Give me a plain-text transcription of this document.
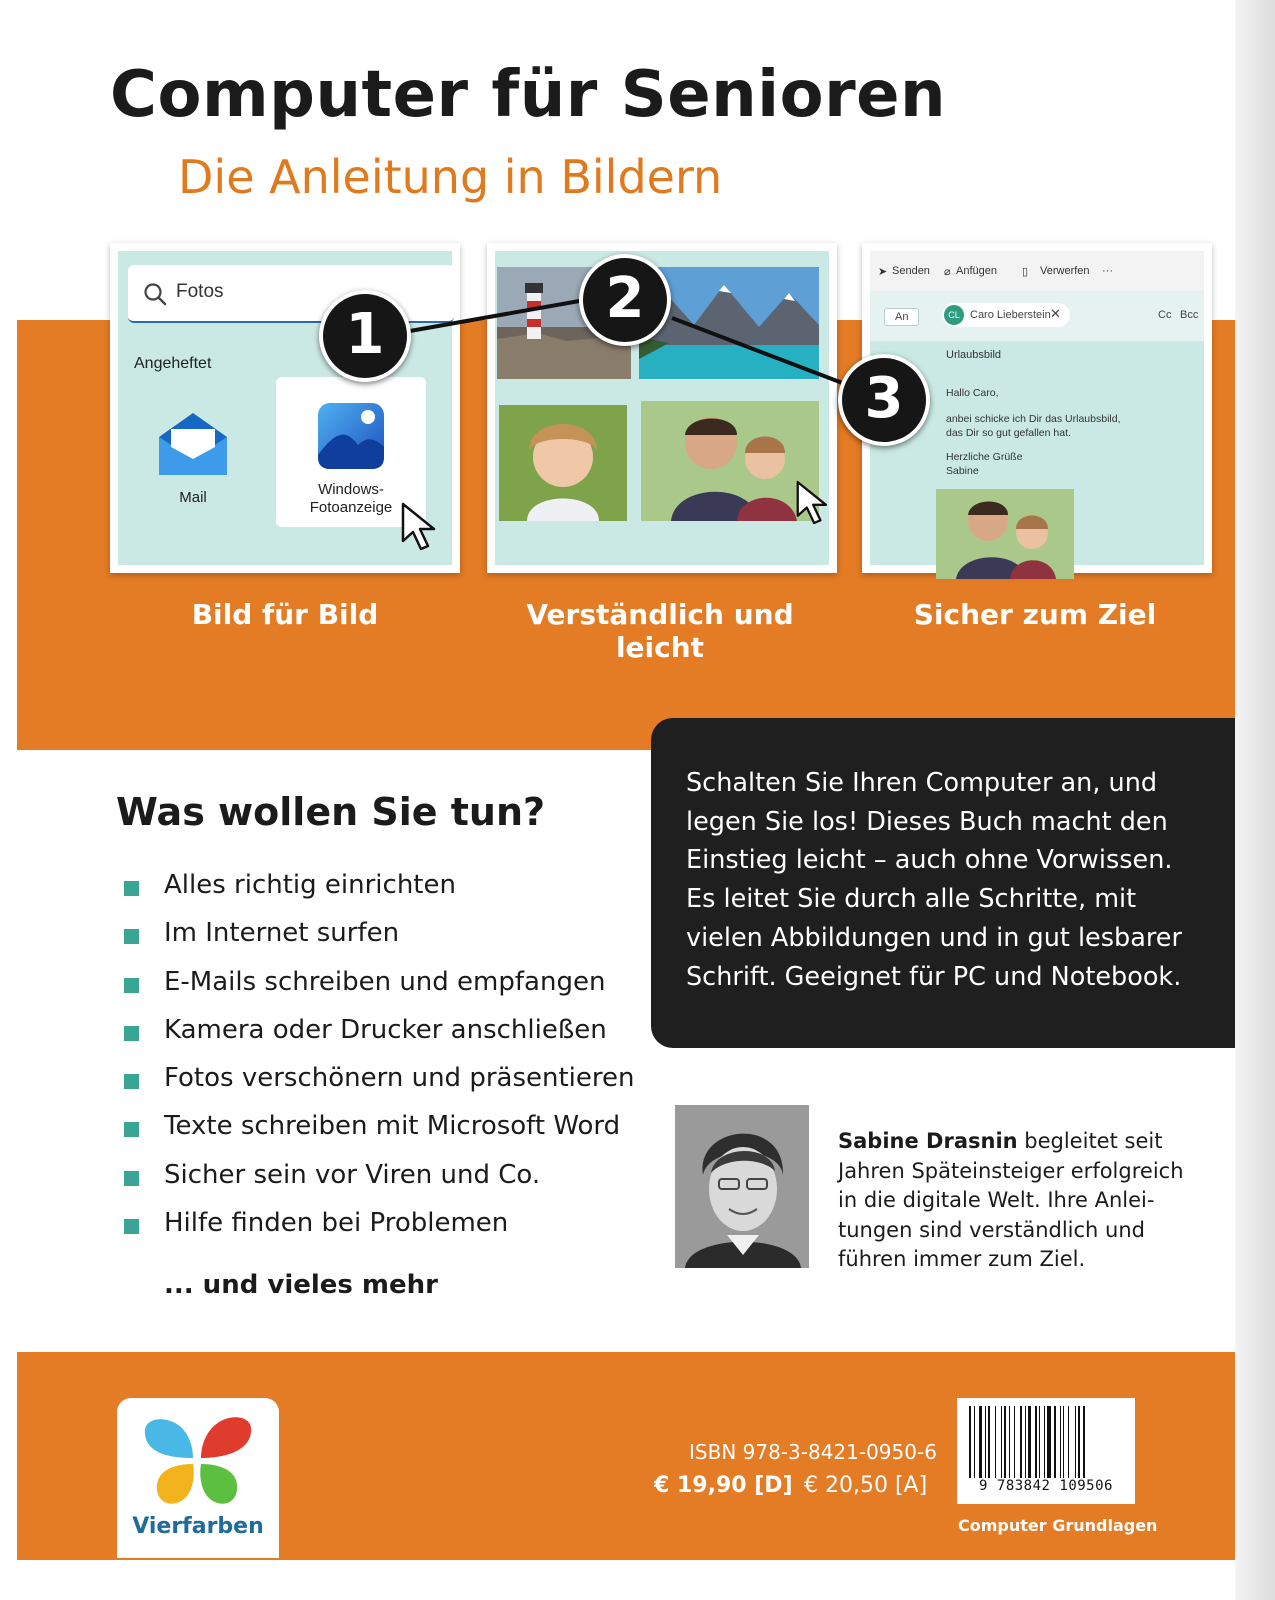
Computer für Senioren
Die Anleitung in Bildern
Fotos
Angeheftet
Mail	Windows-
Fotoanzeige
➤ Senden ⌀ Anfügen ▯ Verwerfen ···
An	CL Caro Lieberstein ✕	Cc Bcc
Urlaubsbild
Hallo Caro,
anbei schicke ich Dir das Urlaubsbild,
das Dir so gut gefallen hat.
Herzliche Grüße
Sabine
1
2
3
Bild für Bild	Verständlich und leicht
Sicher zum Ziel
Was wollen Sie tun?
Alles richtig einrichten
Im Internet surfen
E-Mails schreiben und empfangen
Kamera oder Drucker anschließen
Fotos verschönern und präsentieren
Texte schreiben mit Microsoft Word
Sicher sein vor Viren und Co.
Hilfe finden bei Problemen
... und vieles mehr
Schalten Sie Ihren Computer an, und legen Sie los! Dieses Buch macht den Einstieg leicht – auch ohne Vorwissen. Es leitet Sie durch alle Schritte, mit vielen Abbildungen und in gut lesbarer Schrift. Geeignet für PC und Notebook.
Sabine Drasnin begleitet seit Jahren Späteinsteiger erfolgreich in die digitale Welt. Ihre Anleitungen sind verständlich und führen immer zum Ziel.
Vierfarben
ISBN 978-3-8421-0950-6
€ 19,90 [D] € 20,50 [A]	9 783842 109506
Computer Grundlagen
